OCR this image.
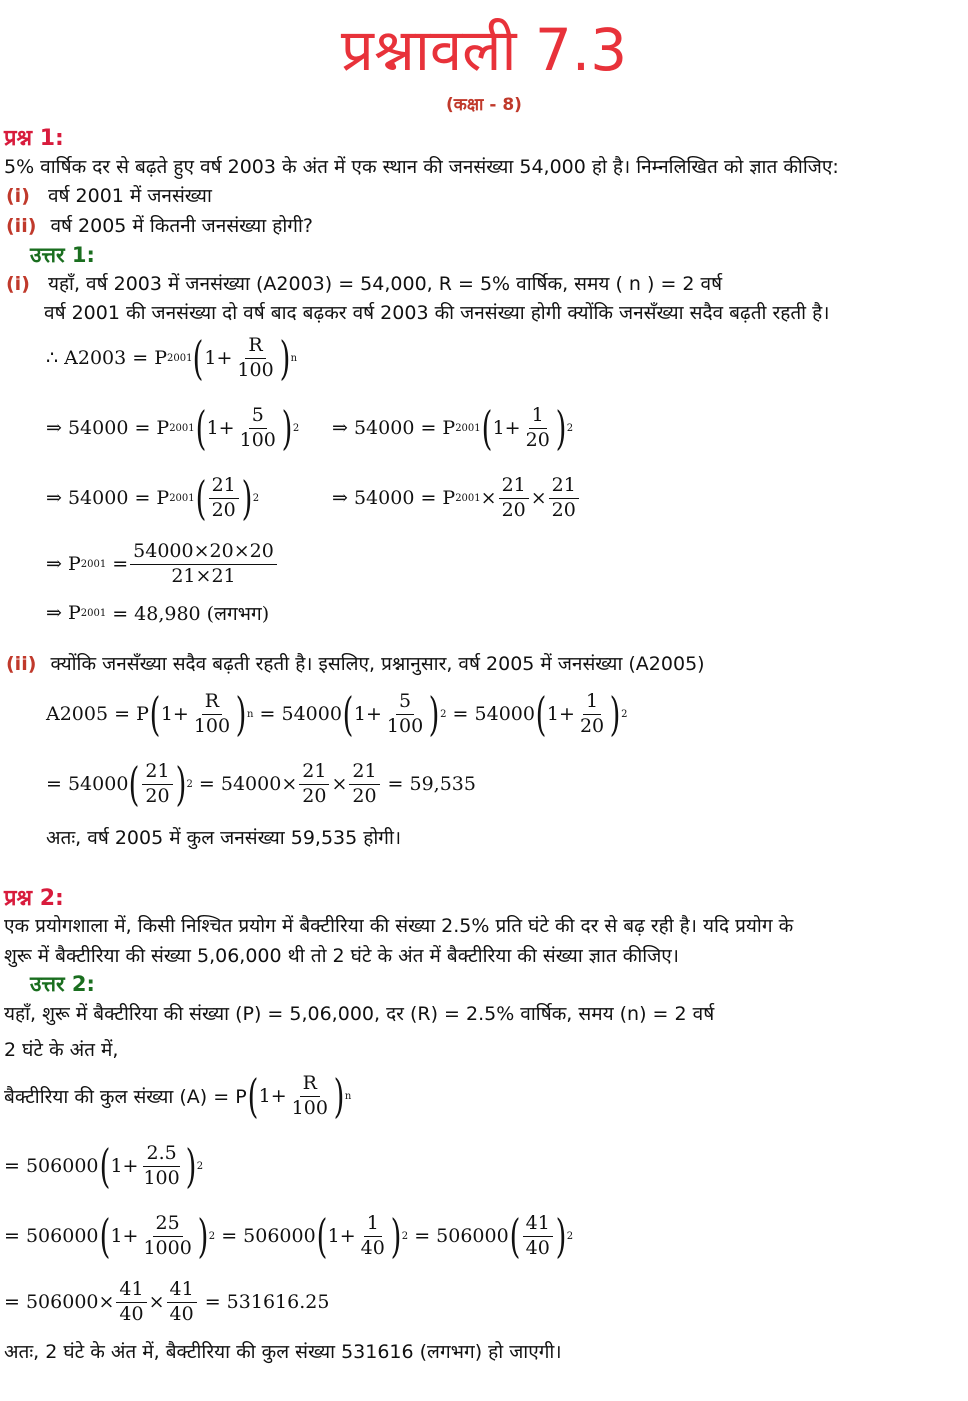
प्रश्नावली 7.3
(कक्षा - 8)
प्रश्न 1:
5% वार्षिक दर से बढ़ते हुए वर्ष 2003 के अंत में एक स्थान की जनसंख्या 54,000 हो है। निम्नलिखित को ज्ञात कीजिए:
(i) वर्ष 2001 में जनसंख्या
(ii) वर्ष 2005 में कितनी जनसंख्या होगी?
उत्तर 1:
(i) यहाँ, वर्ष 2003 में जनसंख्या (A2003) = 54,000, R = 5% वार्षिक, समय ( n ) = 2 वर्ष
वर्ष 2001 की जनसंख्या दो वर्ष बाद बढ़कर वर्ष 2003 की जनसंख्या होगी क्योंकि जनसँख्या सदैव बढ़ती रहती है।
∴ A2003 = P 2001 ( $1+ \frac{R}{100}$ ) n
⇒ 54000 = P 2001 ( $1+ \frac{5}{100}$ ) 2 ⇒ 54000 = P 2001 ( $1+ \frac{1}{20}$ ) 2
⇒ 54000 = P 2001 ( $\frac{21}{20}$ ) 2	⇒ 54000 = P $2001 \times \frac{21}{20} \times \frac{21}{20}$
⇒ P $2001 = \frac{54000\times 20\times 20}{21\times 21}$
⇒ P 2001 = 48,980 (लगभग)
(ii) क्योंकि जनसँख्या सदैव बढ़ती रहती है। इसलिए, प्रश्नानुसार, वर्ष 2005 में जनसंख्या (A2005)
A2005 = P ( $1+ \frac{R}{100}$ ) n = 54000 ( $1+ \frac{5}{100}$ ) 2 = 54000 ( $1+ \frac{1}{20}$ ) 2
= 54000 ( $\frac{21}{20}$ ) $2 = 54000\times \frac{21}{20} \times \frac{21}{20} = 59,535$
अतः, वर्ष 2005 में कुल जनसंख्या 59,535 होगी।
प्रश्न 2:
एक प्रयोगशाला में, किसी निश्चित प्रयोग में बैक्टीरिया की संख्या 2.5% प्रति घंटे की दर से बढ़ रही है। यदि प्रयोग के
शुरू में बैक्टीरिया की संख्या 5,06,000 थी तो 2 घंटे के अंत में बैक्टीरिया की संख्या ज्ञात कीजिए।
उत्तर 2:
यहाँ, शुरू में बैक्टीरिया की संख्या (P) = 5,06,000, दर (R) = 2.5% वार्षिक, समय (n) = 2 वर्ष
2 घंटे के अंत में,
बैक्टीरिया की कुल संख्या (A) = P ( $1+ \frac{R}{100}$ ) n
= 506000 ( $1+ \frac{2.5}{100}$ ) 2
= 506000 ( $1+ \frac{25}{1000}$ ) 2 = 506000 ( $1+ \frac{1}{40}$ ) 2 = 506000 ( $\frac{41}{40}$ ) 2
= $506000\times \frac{41}{40} \times \frac{41}{40} = 531616.25$
अतः, 2 घंटे के अंत में, बैक्टीरिया की कुल संख्या 531616 (लगभग) हो जाएगी।
